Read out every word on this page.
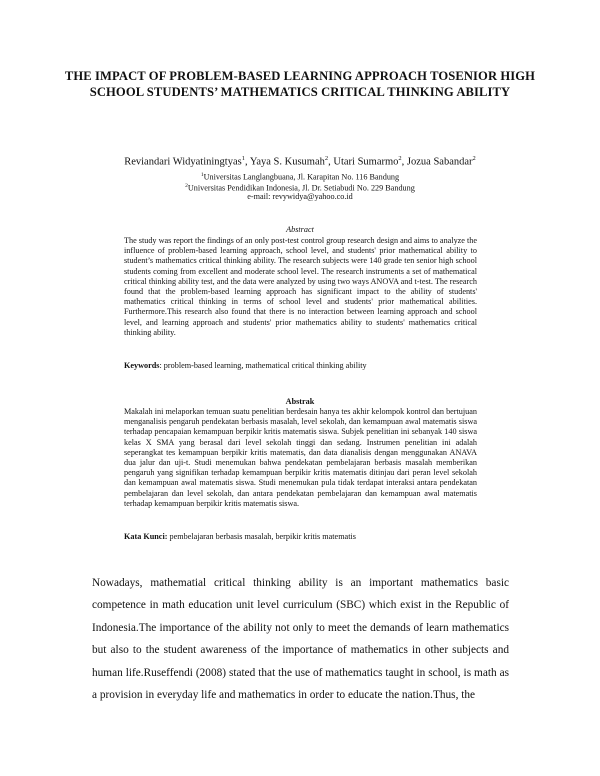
THE IMPACT OF PROBLEM-BASED LEARNING APPROACH TOSENIOR HIGH SCHOOL STUDENTS’ MATHEMATICS CRITICAL THINKING ABILITY
Reviandari Widyatiningtyas$^1$, Yaya S. Kusumah$^2$, Utari Sumarmo$^2$, Jozua Sabandar$^2$
$^1$Universitas Langlangbuana, Jl. Karapitan No. 116 Bandung
$^2$Universitas Pendidikan Indonesia, Jl. Dr. Setiabudi No. 229 Bandung
e-mail: revywidya@yahoo.co.id
Abstract
The study was report the findings of an only post-test control group research design and aims to analyze the influence of problem-based learning approach, school level, and students' prior mathematical ability to student’s mathematics critical thinking ability. The research subjects were 140 grade ten senior high school students coming from excellent and moderate school level. The research instruments a set of mathematical critical thinking ability test, and the data were analyzed by using two ways ANOVA and t-test. The research found that the problem-based learning approach has significant impact to the ability of students' mathematics critical thinking in terms of school level and students' prior mathematical abilities. Furthermore.This research also found that there is no interaction between learning approach and school level, and learning approach and students' prior mathematics ability to students' mathematics critical thinking ability.
Keywords: problem-based learning, mathematical critical thinking ability
Abstrak
Makalah ini melaporkan temuan suatu penelitian berdesain hanya tes akhir kelompok kontrol dan bertujuan menganalisis pengaruh pendekatan berbasis masalah, level sekolah, dan kemampuan awal matematis siswa terhadap pencapaian kemampuan berpikir kritis matematis siswa. Subjek penelitian ini sebanyak 140 siswa kelas X SMA yang berasal dari level sekolah tinggi dan sedang. Instrumen penelitian ini adalah seperangkat tes kemampuan berpikir kritis matematis, dan data dianalisis dengan menggunakan ANAVA dua jalur dan uji-t. Studi menemukan bahwa pendekatan pembelajaran berbasis masalah memberikan pengaruh yang signifikan terhadap kemampuan berpikir kritis matematis ditinjau dari peran level sekolah dan kemampuan awal matematis siswa. Studi menemukan pula tidak terdapat interaksi antara pendekatan pembelajaran dan level sekolah, dan antara pendekatan pembelajaran dan kemampuan awal matematis terhadap kemampuan berpikir kritis matematis siswa.
Kata Kunci: pembelajaran berbasis masalah, berpikir kritis matematis
Nowadays, mathematial critical thinking ability is an important mathematics basic competence in math education unit level curriculum (SBC) which exist in the Republic of Indonesia.The importance of the ability not only to meet the demands of learn mathematics but also to the student awareness of the importance of mathematics in other subjects and human life.Ruseffendi (2008) stated that the use of mathematics taught in school, is math as a provision in everyday life and mathematics in order to educate the nation.Thus, the
